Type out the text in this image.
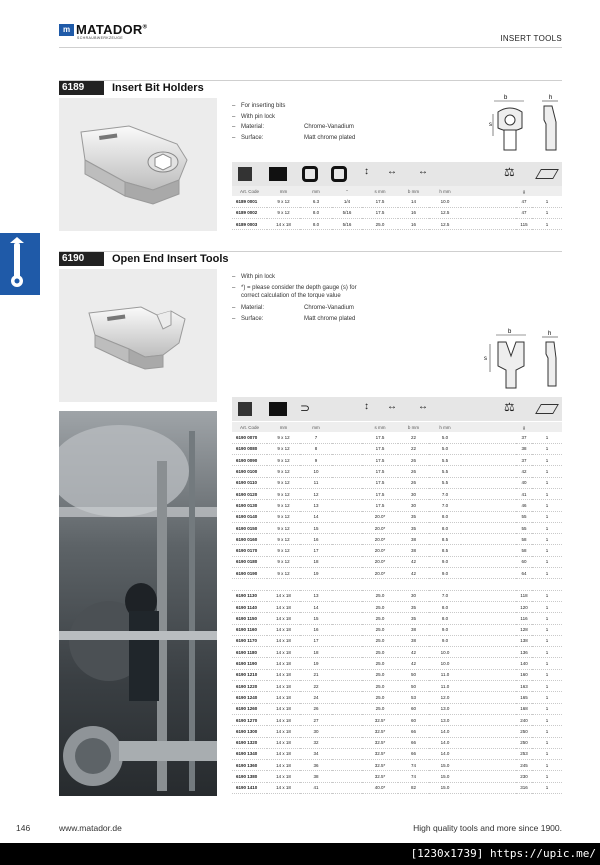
m MATADOR®
SCHRAUBWERKZEUGE	INSERT TOOLS
6189	Insert Bit Holders
– For inserting bits
– With pin lock
– Material:	Chrome-Vanadium
– Surface:	Matt chrome plated
b
s
h
↕ ↔ ↔	⚖
Art. Code	mm	mm	"	s mm	b mm	h mm		g	
6189 0001	9 x 12	6.3	1/4	17.5	14	10.0		47	1
6189 0002	9 x 12	8.0	5/16	17.5	16	12.5		47	1
6189 0003	14 x 18	8.0	5/16	25.0	16	12.5		115	1
6190	Open End Insert Tools
– With pin lock
– *) = please consider the depth gauge (s) for
correct calculation of the torque value
– Material:	Chrome-Vanadium
– Surface:	Matt chrome plated
b
s
h
⊃	↕ ↔ ↔	⚖
Art. Code	mm	mm		s mm	b mm	h mm		g	
6190 0070	9 x 12	7		17.5	22	5.0		37	1
6190 0080	9 x 12	8		17.5	22	5.0		38	1
6190 0090	9 x 12	9		17.5	26	5.5		37	1
6190 0100	9 x 12	10		17.5	26	5.5		42	1
6190 0110	9 x 12	11		17.5	26	5.5		40	1
6190 0120	9 x 12	12		17.5	30	7.0		41	1
6190 0130	9 x 12	13		17.5	30	7.0		46	1
6190 0140	9 x 12	14		20.0*	35	8.0		55	1
6190 0150	9 x 12	15		20.0*	35	8.0		55	1
6190 0160	9 x 12	16		20.0*	38	8.5		58	1
6190 0170	9 x 12	17		20.0*	38	8.5		58	1
6190 0180	9 x 12	18		20.0*	42	9.0		60	1
6190 0190	9 x 12	19		20.0*	42	9.0		64	1

6190 1130	14 x 18	13		25.0	30	7.0		118	1
6190 1140	14 x 18	14		25.0	35	8.0		120	1
6190 1150	14 x 18	15		25.0	35	8.0		116	1
6190 1160	14 x 18	16		25.0	38	9.0		128	1
6190 1170	14 x 18	17		25.0	38	9.0		138	1
6190 1180	14 x 18	18		25.0	42	10.0		136	1
6190 1190	14 x 18	19		25.0	42	10.0		140	1
6190 1210	14 x 18	21		25.0	50	11.0		160	1
6190 1220	14 x 18	22		25.0	50	11.0		163	1
6190 1240	14 x 18	24		25.0	53	12.0		165	1
6190 1260	14 x 18	26		25.0	60	13.0		168	1
6190 1270	14 x 18	27		32.5*	60	13.0		240	1
6190 1300	14 x 18	30		32.5*	66	14.0		250	1
6190 1320	14 x 18	32		32.5*	66	14.0		250	1
6190 1340	14 x 18	34		32.5*	66	14.0		253	1
6190 1360	14 x 18	36		32.5*	74	15.0		245	1
6190 1380	14 x 18	38		32.5*	74	15.0		230	1
6190 1410	14 x 18	41		40.0*	82	15.0		316	1
146	www.matador.de	High quality tools and more since 1900.
[1230x1739] https://upic.me/
